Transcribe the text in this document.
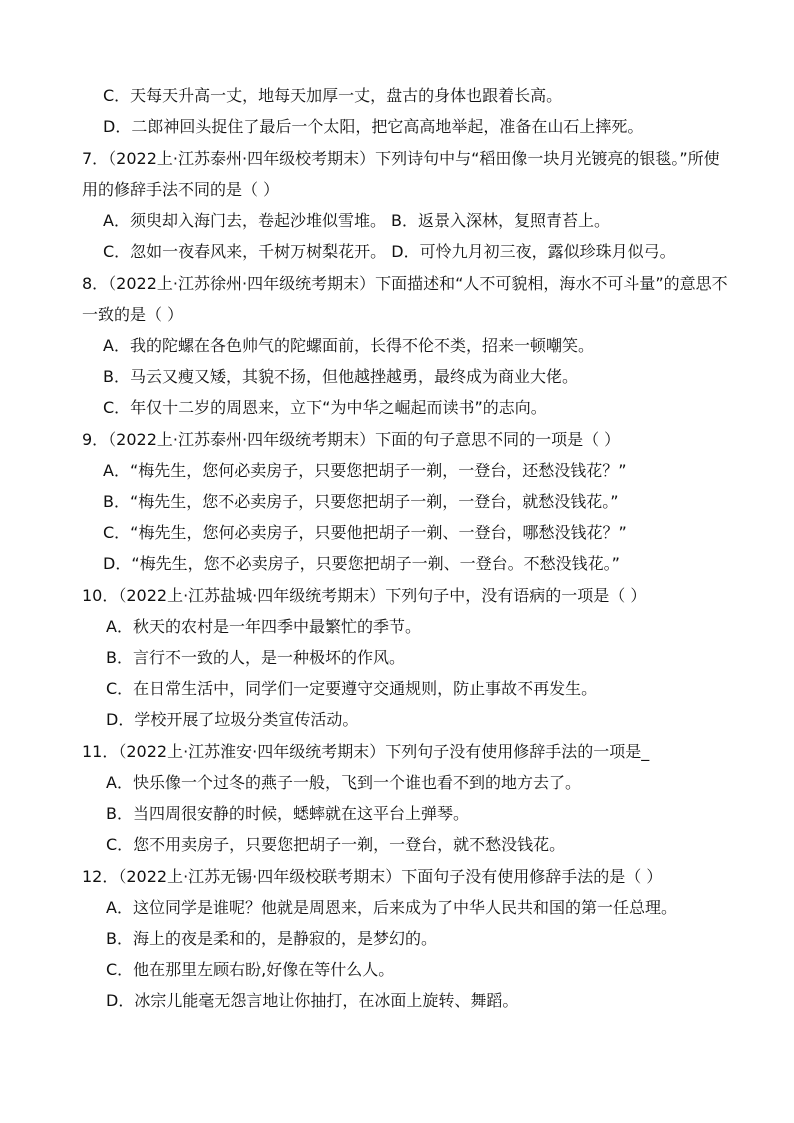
C．天每天升高一丈，地每天加厚一丈，盘古的身体也跟着长高。
D．二郎神回头捉住了最后一个太阳，把它高高地举起，准备在山石上摔死。
7．（2022上·江苏泰州·四年级校考期末）下列诗句中与“稻田像一块月光镀亮的银毯。”所使
用的修辞手法不同的是（ ）
A．须臾却入海门去，卷起沙堆似雪堆。 B．返景入深林，复照青苔上。
C．忽如一夜春风来，千树万树梨花开。 D．可怜九月初三夜，露似珍珠月似弓。
8．（2022上·江苏徐州·四年级统考期末）下面描述和“人不可貌相，海水不可斗量”的意思不
一致的是（ ）
A．我的陀螺在各色帅气的陀螺面前，长得不伦不类，招来一顿嘲笑。
B．马云又瘦又矮，其貌不扬，但他越挫越勇，最终成为商业大佬。
C．年仅十二岁的周恩来，立下“为中华之崛起而读书”的志向。
9．（2022上·江苏泰州·四年级统考期末）下面的句子意思不同的一项是（ ）
A．“梅先生，您何必卖房子，只要您把胡子一剃，一登台，还愁没钱花？”
B．“梅先生，您不必卖房子，只要您把胡子一剃，一登台，就愁没钱花。”
C．“梅先生，您何必卖房子，只要他把胡子一剃、一登台，哪愁没钱花？”
D．“梅先生，您不必卖房子，只要您把胡子一剃、一登台。不愁没钱花。”
10．（2022上·江苏盐城·四年级统考期末）下列句子中，没有语病的一项是（ ）
A．秋天的农村是一年四季中最繁忙的季节。
B．言行不一致的人，是一种极坏的作风。
C．在日常生活中，同学们一定要遵守交通规则，防止事故不再发生。
D．学校开展了垃圾分类宣传活动。
11．（2022上·江苏淮安·四年级统考期末）下列句子没有使用修辞手法的一项是_
A．快乐像一个过冬的燕子一般，飞到一个谁也看不到的地方去了。
B．当四周很安静的时候，蟋蟀就在这平台上弹琴。
C．您不用卖房子，只要您把胡子一剃，一登台，就不愁没钱花。
12．（2022上·江苏无锡·四年级校联考期末）下面句子没有使用修辞手法的是（ ）
A．这位同学是谁呢？他就是周恩来，后来成为了中华人民共和国的第一任总理。
B．海上的夜是柔和的，是静寂的，是梦幻的。
C．他在那里左顾右盼,好像在等什么人。
D．冰宗儿能毫无怨言地让你抽打，在冰面上旋转、舞蹈。
